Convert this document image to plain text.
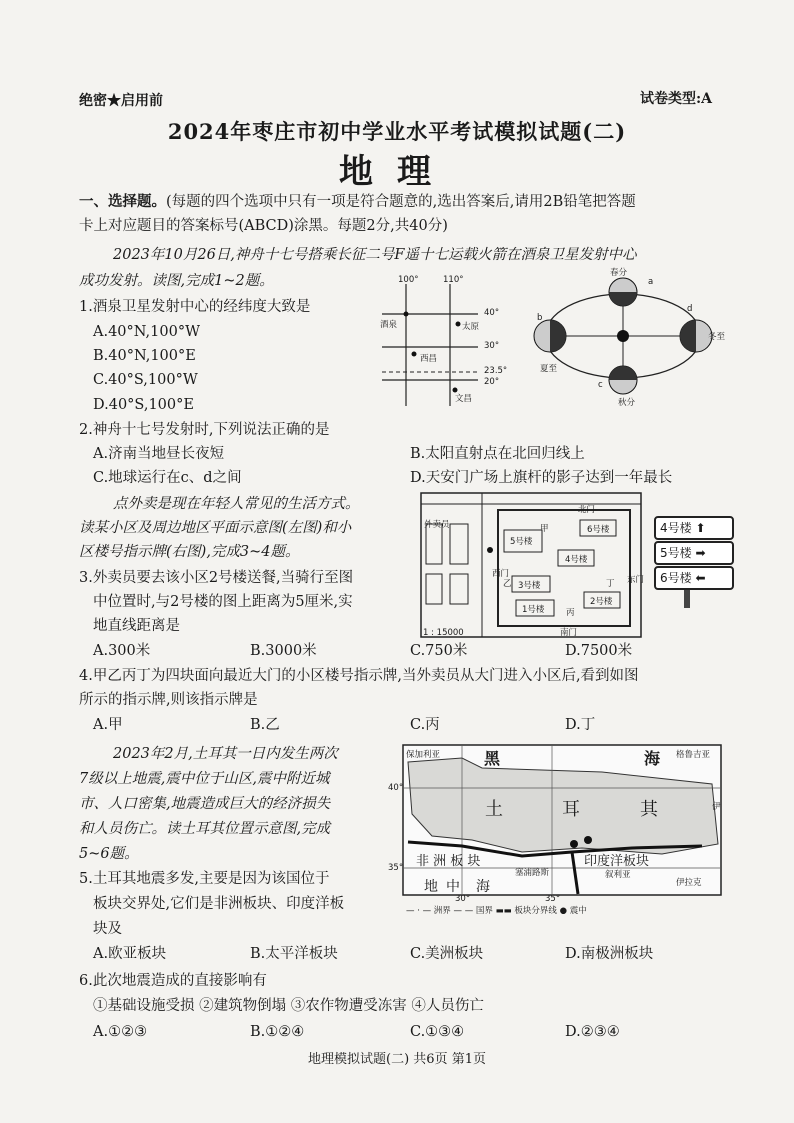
绝密★启用前	试卷类型:A
2024年枣庄市初中学业水平考试模拟试题(二)
地理
一、选择题。(每题的四个选项中只有一项是符合题意的,选出答案后,请用2B铅笔把答题
卡上对应题目的答案标号(ABCD)涂黑。每题2分,共40分)
2023年10月26日,神舟十七号搭乘长征二号F遥十七运载火箭在酒泉卫星发射中心
成功发射。读图,完成1~2题。
1.酒泉卫星发射中心的经纬度大致是
A.40°N,100°W
B.40°N,100°E
C.40°S,100°W
D.40°S,100°E
100°	110°
40°
30°
23.5°
20°
酒泉	太原
西昌
文昌
春分
夏至
秋分
冬至
a
b
c
d
2.神舟十七号发射时,下列说法正确的是
A.济南当地昼长夜短	B.太阳直射点在北回归线上
C.地球运行在c、d之间	D.天安门广场上旗杆的影子达到一年最长
点外卖是现在年轻人常见的生活方式。
读某小区及周边地区平面示意图(左图)和小
区楼号指示牌(右图),完成3~4题。
3.外卖员要去该小区2号楼送餐,当骑行至图
中位置时,与2号楼的图上距离为5厘米,实
地直线距离是
A.300米	B.3000米	C.750米	D.7500米
外卖员
北门
南门
西门
东门
5号楼
6号楼
4号楼
3号楼
1号楼
2号楼
甲
乙
丙
丁
1 : 15000
4号楼 ⬆
5号楼 ➡
6号楼 ⬅
4.甲乙丙丁为四块面向最近大门的小区楼号指示牌,当外卖员从大门进入小区后,看到如图
所示的指示牌,则该指示牌是
A.甲	B.乙	C.丙	D.丁
2023年2月,土耳其一日内发生两次
7级以上地震,震中位于山区,震中附近城
市、人口密集,地震造成巨大的经济损失
和人员伤亡。读土耳其位置示意图,完成
5~6题。
保加利亚	黑	海 格鲁吉亚
土	耳	其
非 洲 板 块	印度洋板块
地 中 海
塞浦路斯	叙利亚
伊拉克
伊
40°
35°
30°	35°
— · — 洲界 — — 国界 ▬▬ 板块分界线 ● 震中
5.土耳其地震多发,主要是因为该国位于
板块交界处,它们是非洲板块、印度洋板
块及
A.欧亚板块	B.太平洋板块	C.美洲板块	D.南极洲板块
6.此次地震造成的直接影响有
①基础设施受损 ②建筑物倒塌 ③农作物遭受冻害 ④人员伤亡
A.①②③	B.①②④	C.①③④	D.②③④
地理模拟试题(二) 共6页 第1页
